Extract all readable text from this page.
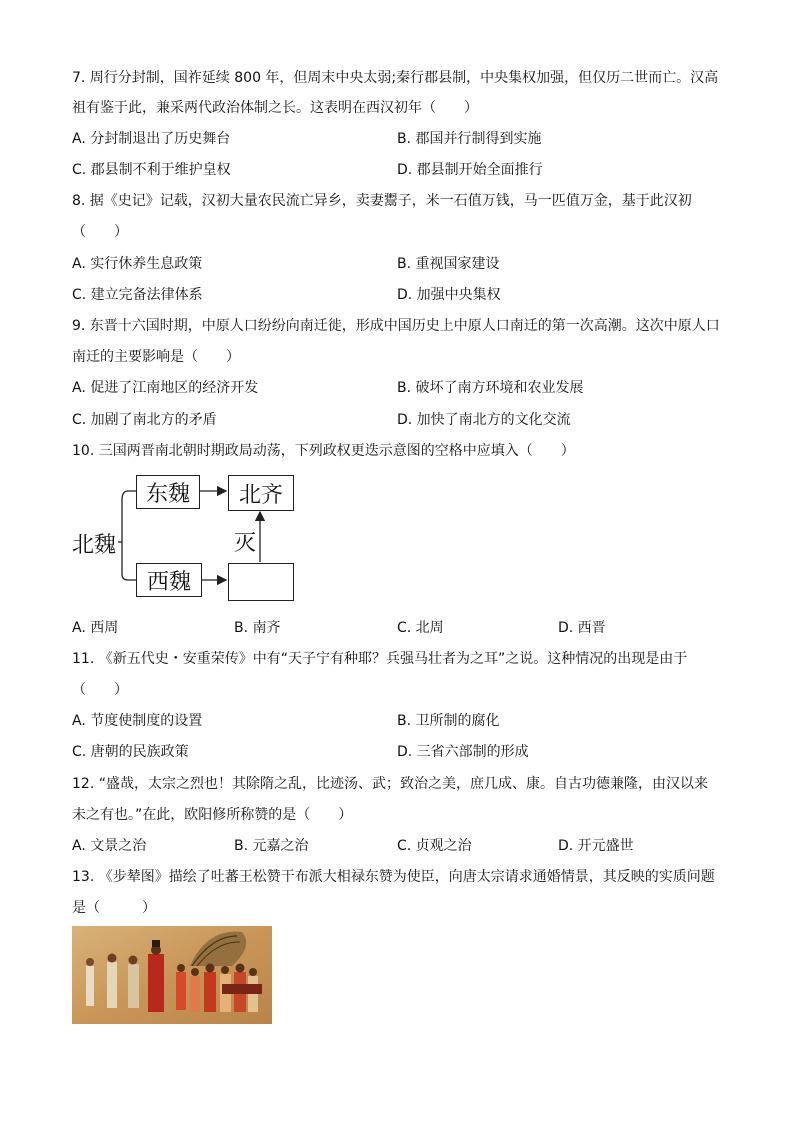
7. 周行分封制，国祚延续 800 年，但周末中央太弱;秦行郡县制，中央集权加强，但仅历二世而亡。汉高
祖有鉴于此，兼采两代政治体制之长。这表明在西汉初年（　　）
A. 分封制退出了历史舞台	B. 郡国并行制得到实施
C. 郡县制不利于维护皇权	D. 郡县制开始全面推行
8. 据《史记》记载，汉初大量农民流亡异乡，卖妻鬻子，米一石值万钱，马一匹值万金，基于此汉初
（　　）
A. 实行休养生息政策	B. 重视国家建设
C. 建立完备法律体系	D. 加强中央集权
9. 东晋十六国时期，中原人口纷纷向南迁徙，形成中国历史上中原人口南迁的第一次高潮。这次中原人口
南迁的主要影响是（　　）
A. 促进了江南地区的经济开发	B. 破坏了南方环境和农业发展
C. 加剧了南北方的矛盾	D. 加快了南北方的文化交流
10. 三国两晋南北朝时期政局动荡，下列政权更迭示意图的空格中应填入（　　）
北魏
东魏	北齐
灭
西魏
A. 西周	B. 南齐	C. 北周	D. 西晋
11. 《新五代史・安重荣传》中有“天子宁有种耶？兵强马壮者为之耳”之说。这种情况的出现是由于
（　　）
A. 节度使制度的设置	B. 卫所制的腐化
C. 唐朝的民族政策	D. 三省六部制的形成
12. “盛哉，太宗之烈也！其除隋之乱，比迹汤、武；致治之美，庶几成、康。自古功德兼隆，由汉以来
未之有也。”在此，欧阳修所称赞的是（　　）
A. 文景之治	B. 元嘉之治	C. 贞观之治	D. 开元盛世
13. 《步辇图》描绘了吐蕃王松赞干布派大相禄东赞为使臣，向唐太宗请求通婚情景，其反映的实质问题
是（　　　）
